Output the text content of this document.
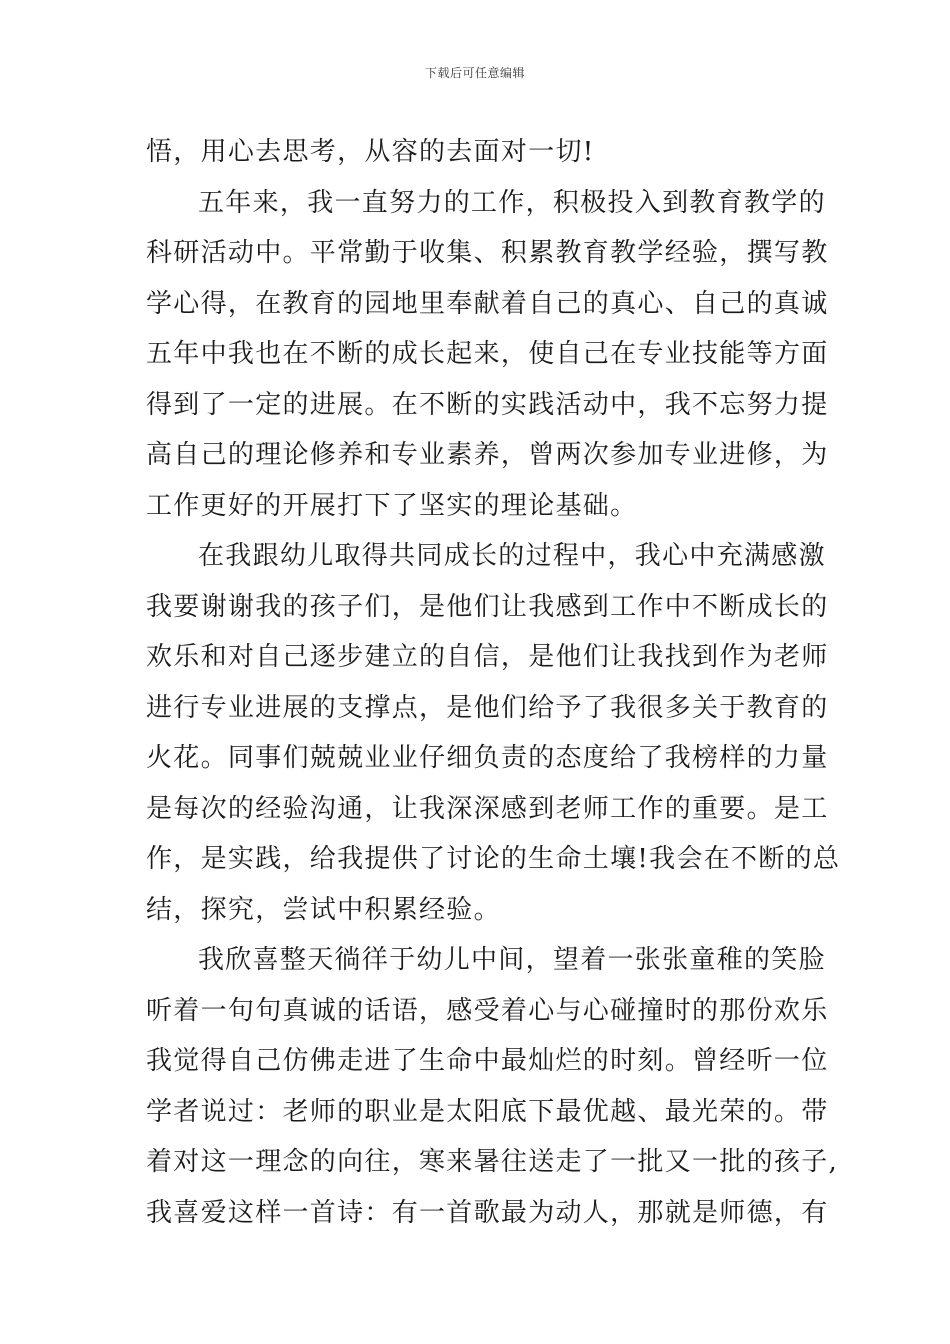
下载后可任意编辑
悟，用心去思考，从容的去面对一切!
五年来，我一直努力的工作，积极投入到教育教学的
科研活动中。平常勤于收集、积累教育教学经验，撰写教
学心得，在教育的园地里奉献着自己的真心、自己的真诚
五年中我也在不断的成长起来，使自己在专业技能等方面
得到了一定的进展。在不断的实践活动中，我不忘努力提
高自己的理论修养和专业素养，曾两次参加专业进修，为
工作更好的开展打下了坚实的理论基础。
在我跟幼儿取得共同成长的过程中，我心中充满感激
我要谢谢我的孩子们，是他们让我感到工作中不断成长的
欢乐和对自己逐步建立的自信，是他们让我找到作为老师
进行专业进展的支撑点，是他们给予了我很多关于教育的
火花。同事们兢兢业业仔细负责的态度给了我榜样的力量
是每次的经验沟通，让我深深感到老师工作的重要。是工
作，是实践，给我提供了讨论的生命土壤!我会在不断的总
结，探究，尝试中积累经验。
我欣喜整天徜徉于幼儿中间，望着一张张童稚的笑脸
听着一句句真诚的话语，感受着心与心碰撞时的那份欢乐
我觉得自己仿佛走进了生命中最灿烂的时刻。曾经听一位
学者说过：老师的职业是太阳底下最优越、最光荣的。带
着对这一理念的向往，寒来暑往送走了一批又一批的孩子,
我喜爱这样一首诗：有一首歌最为动人，那就是师德，有
